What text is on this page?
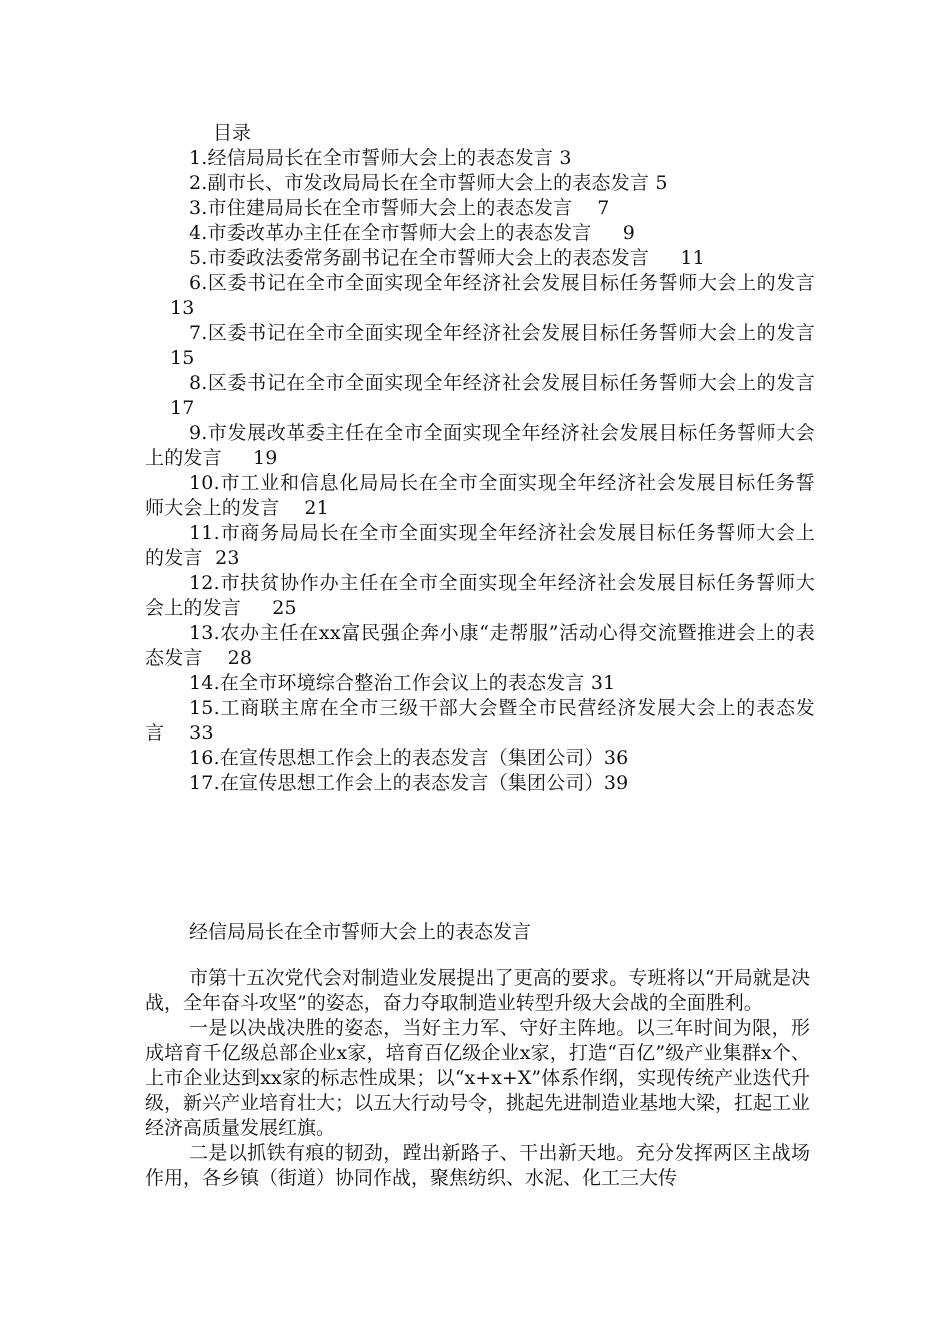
目录

1.经信局局长在全市誓师大会上的表态发言 3

2.副市长、市发改局局长在全市誓师大会上的表态发言 5

3.市住建局局长在全市誓师大会上的表态发言    7

4.市委改革办主任在全市誓师大会上的表态发言     9

5.市委政法委常务副书记在全市誓师大会上的表态发言     11

6.区委书记在全市全面实现全年经济社会发展目标任务誓师大会上的发言    13

7.区委书记在全市全面实现全年经济社会发展目标任务誓师大会上的发言    15

8.区委书记在全市全面实现全年经济社会发展目标任务誓师大会上的发言    17

9.市发展改革委主任在全市全面实现全年经济社会发展目标任务誓师大会上的发言     19

10.市工业和信息化局局长在全市全面实现全年经济社会发展目标任务誓师大会上的发言    21

11.市商务局局长在全市全面实现全年经济社会发展目标任务誓师大会上的发言  23

12.市扶贫协作办主任在全市全面实现全年经济社会发展目标任务誓师大会上的发言     25

13.农办主任在xx富民强企奔小康“走帮服”活动心得交流暨推进会上的表态发言    28

14.在全市环境综合整治工作会议上的表态发言 31

15.工商联主席在全市三级干部大会暨全市民营经济发展大会上的表态发言    33

16.在宣传思想工作会上的表态发言（集团公司）36

17.在宣传思想工作会上的表态发言（集团公司）39

经信局局长在全市誓师大会上的表态发言

市第十五次党代会对制造业发展提出了更高的要求。专班将以“开局就是决战，全年奋斗攻坚”的姿态，奋力夺取制造业转型升级大会战的全面胜利。

一是以决战决胜的姿态，当好主力军、守好主阵地。以三年时间为限，形成培育千亿级总部企业x家，培育百亿级企业x家，打造“百亿”级产业集群x个、上市企业达到xx家的标志性成果；以“x+x+X”体系作纲，实现传统产业迭代升级，新兴产业培育壮大；以五大行动号令，挑起先进制造业基地大梁，扛起工业经济高质量发展红旗。

二是以抓铁有痕的韧劲，蹚出新路子、干出新天地。充分发挥两区主战场作用，各乡镇（街道）协同作战，聚焦纺织、水泥、化工三大传
